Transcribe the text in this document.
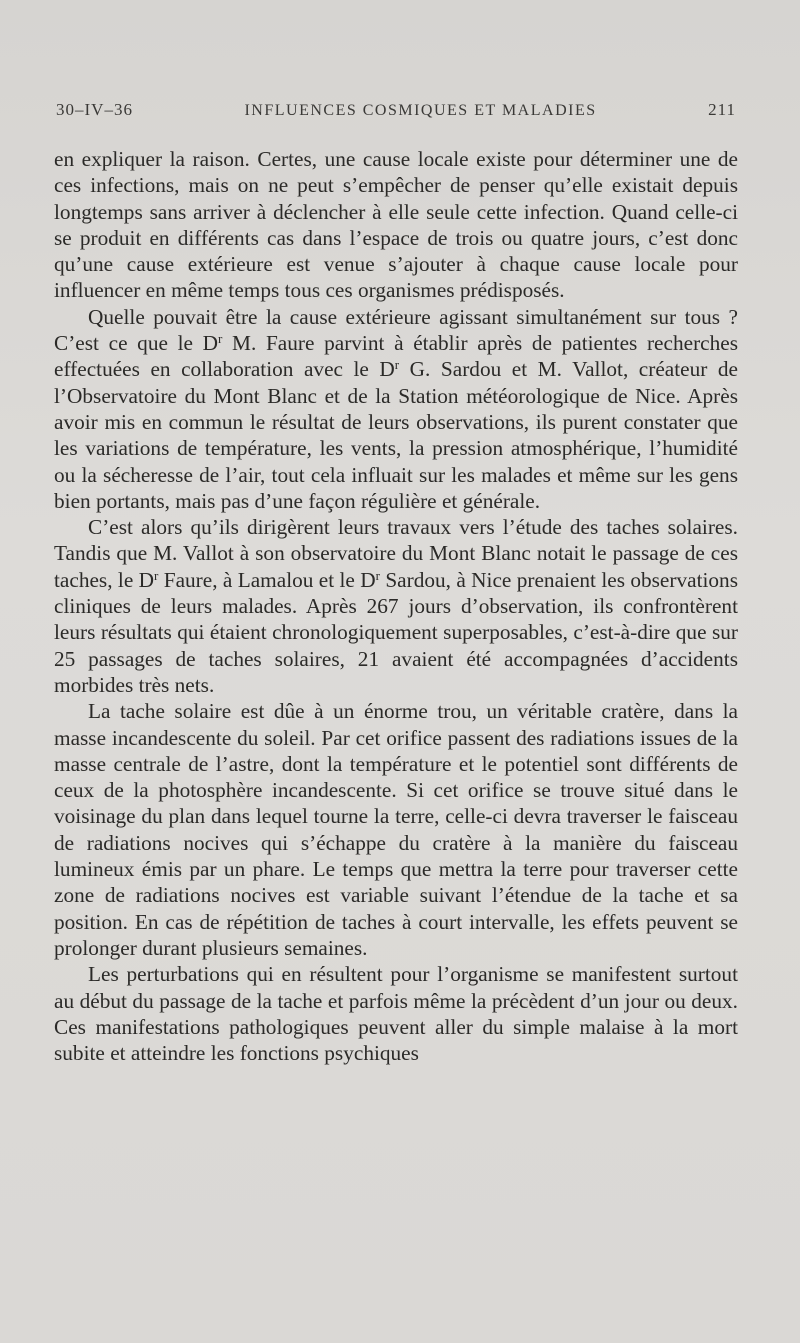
30–IV–36	INFLUENCES COSMIQUES ET MALADIES	211

en expliquer la raison. Certes, une cause locale existe pour déterminer une de ces infections, mais on ne peut s’empêcher de penser qu’elle existait depuis longtemps sans arriver à déclencher à elle seule cette infection. Quand celle-ci se produit en différents cas dans l’espace de trois ou quatre jours, c’est donc qu’une cause extérieure est venue s’ajouter à chaque cause locale pour influencer en même temps tous ces organismes prédisposés.

Quelle pouvait être la cause extérieure agissant simultanément sur tous ? C’est ce que le $D^r$ M. Faure parvint à établir après de patientes recherches effectuées en collaboration avec le $D^r$ G. Sardou et M. Vallot, créateur de l’Observatoire du Mont Blanc et de la Station météorologique de Nice. Après avoir mis en commun le résultat de leurs observations, ils purent constater que les variations de température, les vents, la pression atmosphérique, l’humidité ou la sécheresse de l’air, tout cela influait sur les malades et même sur les gens bien portants, mais pas d’une façon régulière et générale.

C’est alors qu’ils dirigèrent leurs travaux vers l’étude des taches solaires. Tandis que M. Vallot à son observatoire du Mont Blanc notait le passage de ces taches, le $D^r$ Faure, à Lamalou et le $D^r$ Sardou, à Nice prenaient les observations cliniques de leurs malades. Après 267 jours d’observation, ils confrontèrent leurs résultats qui étaient chronologiquement superposables, c’est-à-dire que sur 25 passages de taches solaires, 21 avaient été accompagnées d’accidents morbides très nets.

La tache solaire est dûe à un énorme trou, un véritable cratère, dans la masse incandescente du soleil. Par cet orifice passent des radiations issues de la masse centrale de l’astre, dont la température et le potentiel sont différents de ceux de la photosphère incandescente. Si cet orifice se trouve situé dans le voisinage du plan dans lequel tourne la terre, celle-ci devra traverser le faisceau de radiations nocives qui s’échappe du cratère à la manière du faisceau lumineux émis par un phare. Le temps que mettra la terre pour traverser cette zone de radiations nocives est variable suivant l’étendue de la tache et sa position. En cas de répétition de taches à court intervalle, les effets peuvent se prolonger durant plusieurs semaines.

Les perturbations qui en résultent pour l’organisme se manifestent surtout au début du passage de la tache et parfois même la précèdent d’un jour ou deux. Ces manifestations pathologiques peuvent aller du simple malaise à la mort subite et atteindre les fonctions psychiques
